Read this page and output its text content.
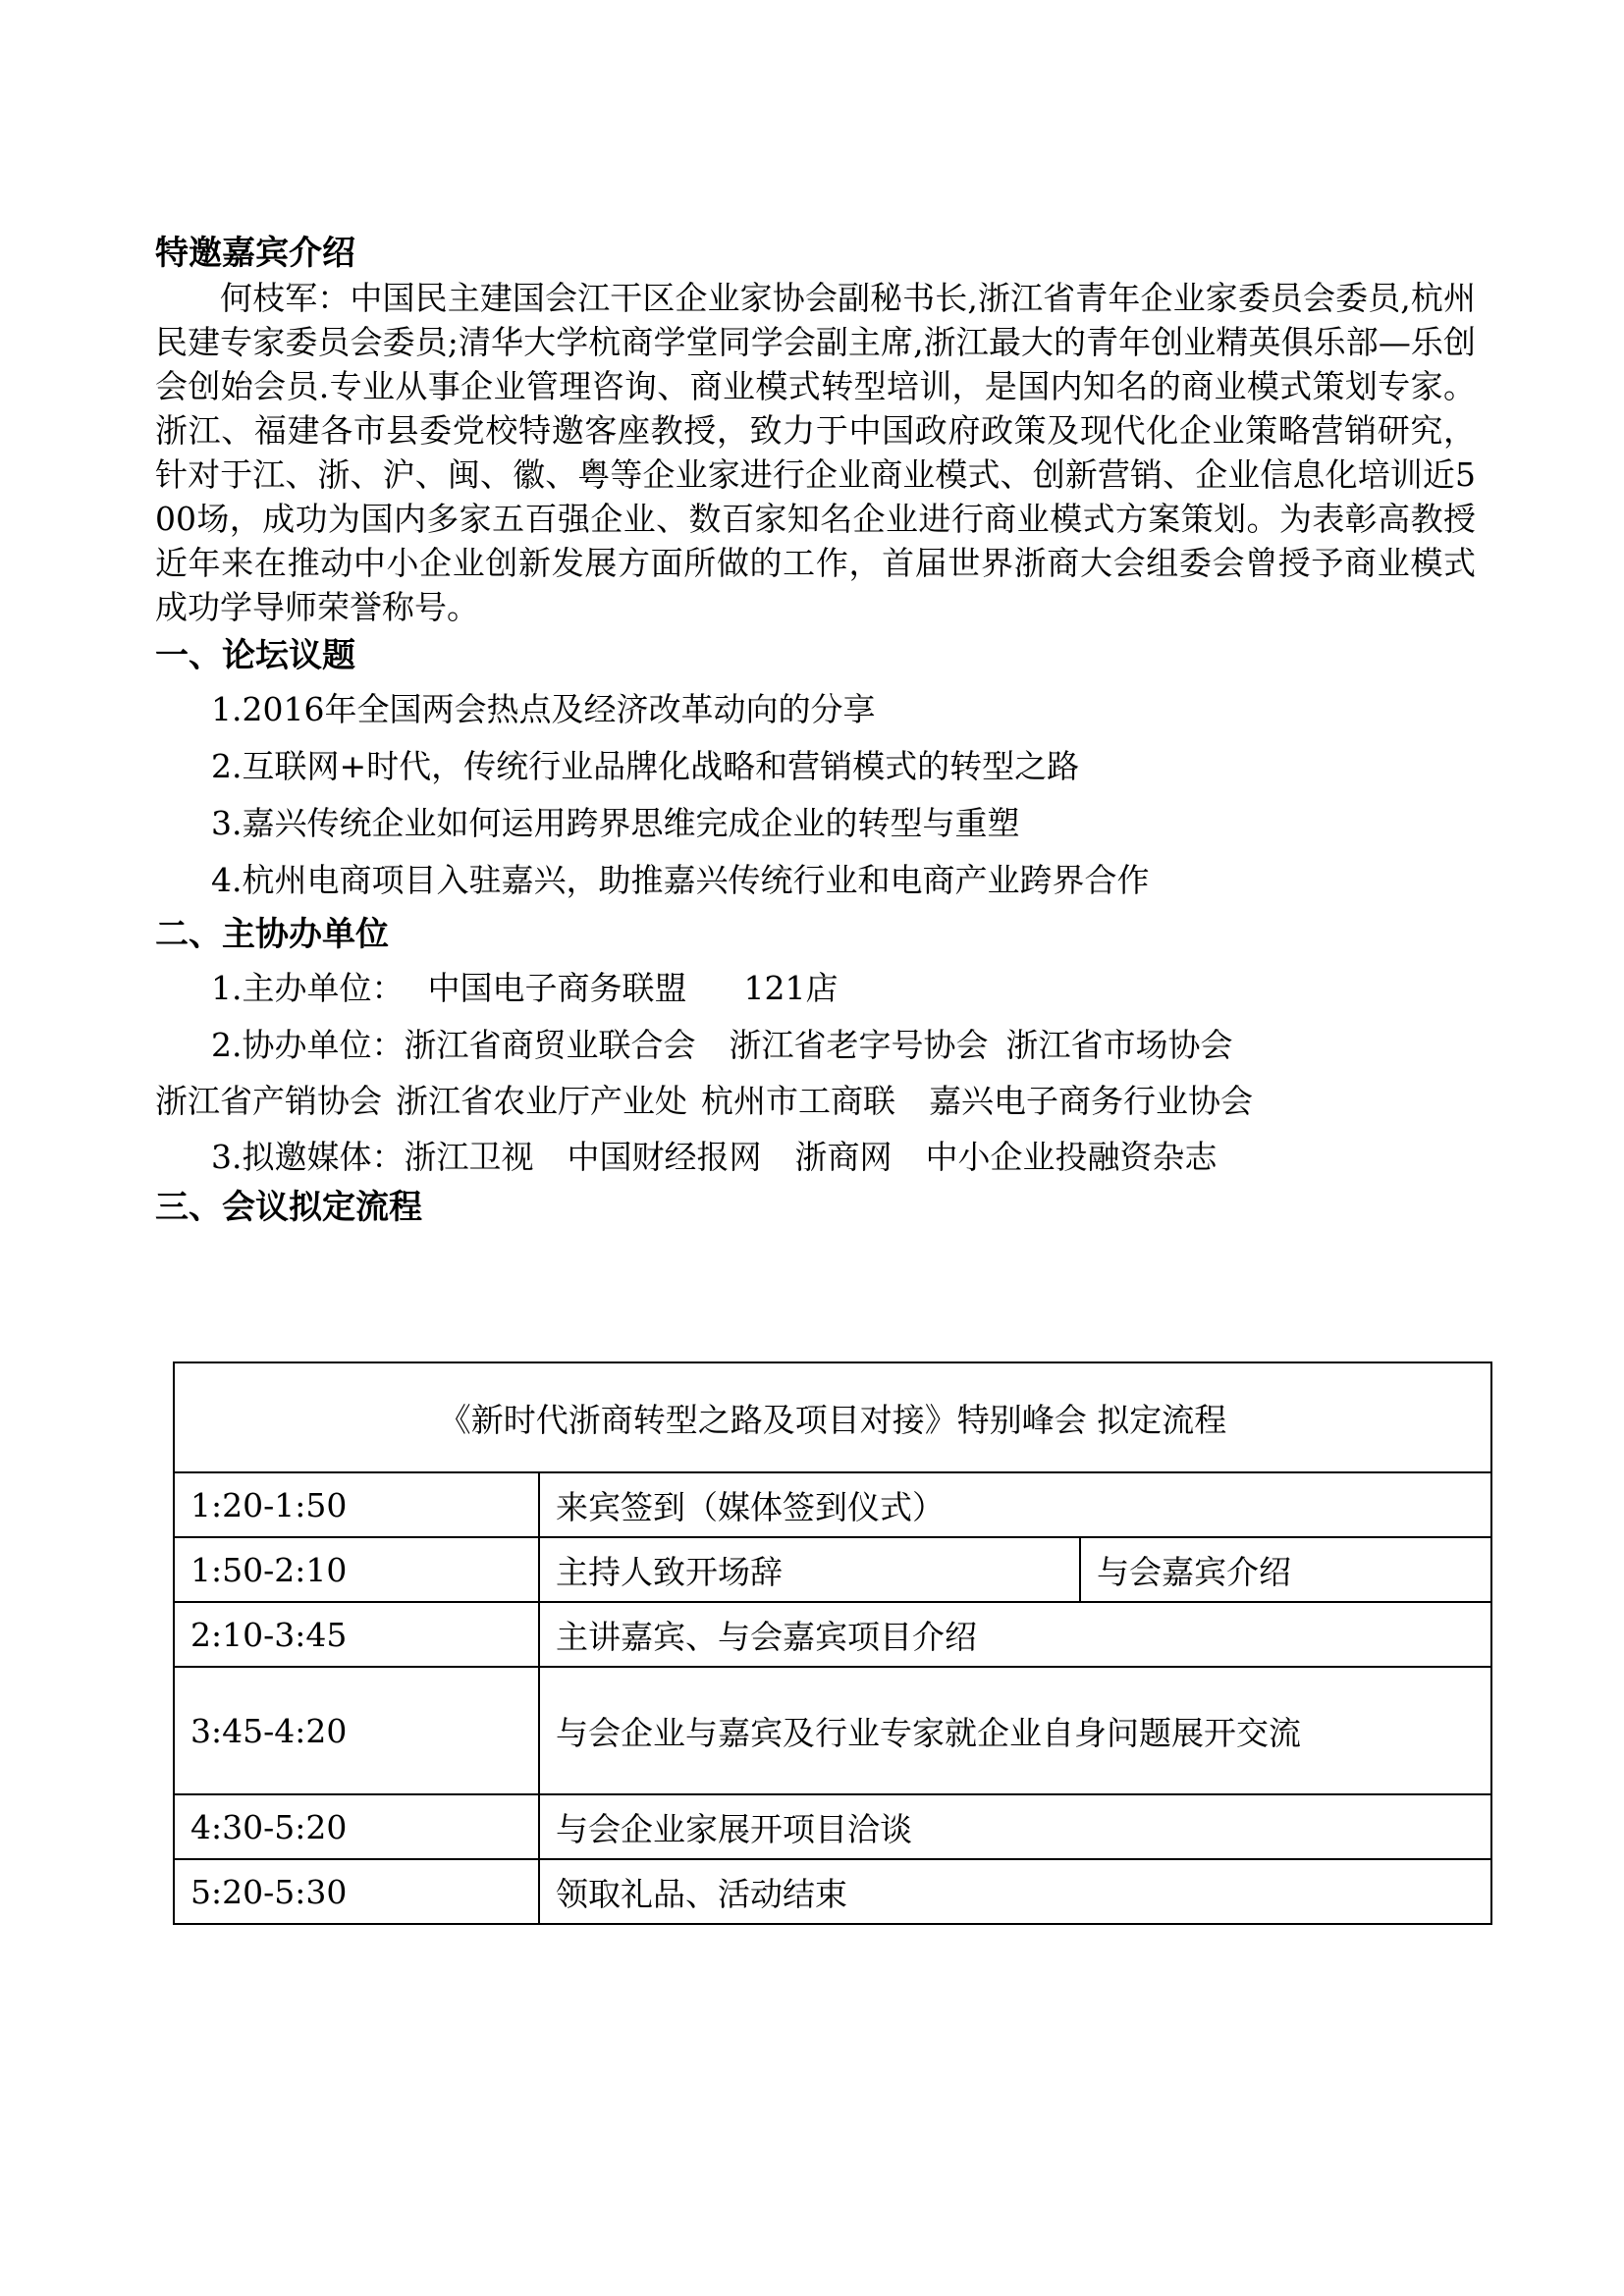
特邀嘉宾介绍

何枝军：中国民主建国会江干区企业家协会副秘书长,浙江省青年企业家委员会委员,杭州民建专家委员会委员;清华大学杭商学堂同学会副主席,浙江最大的青年创业精英俱乐部—乐创会创始会员.专业从事企业管理咨询、商业模式转型培训，是国内知名的商业模式策划专家。浙江、福建各市县委党校特邀客座教授，致力于中国政府政策及现代化企业策略营销研究，针对于江、浙、沪、闽、徽、粤等企业家进行企业商业模式、创新营销、企业信息化培训近500场，成功为国内多家五百强企业、数百家知名企业进行商业模式方案策划。为表彰高教授近年来在推动中小企业创新发展方面所做的工作，首届世界浙商大会组委会曾授予商业模式成功学导师荣誉称号。

一、论坛议题
1.2016年全国两会热点及经济改革动向的分享
2.互联网+时代，传统行业品牌化战略和营销模式的转型之路
3.嘉兴传统企业如何运用跨界思维完成企业的转型与重塑
4.杭州电商项目入驻嘉兴，助推嘉兴传统行业和电商产业跨界合作
二、主协办单位
1.主办单位： 中国电子商务联盟 121店
2.协办单位： 浙江省商贸业联合会 浙江省老字号协会 浙江省市场协会
浙江省产销协会 浙江省农业厅产业处 杭州市工商联 嘉兴电子商务行业协会
3.拟邀媒体： 浙江卫视 中国财经报网 浙商网 中小企业投融资杂志
三、会议拟定流程
《新时代浙商转型之路及项目对接》特别峰会 拟定流程		
1:20-1:50	来宾签到（媒体签到仪式）	
1:50-2:10	主持人致开场辞	与会嘉宾介绍
2:10-3:45	主讲嘉宾、与会嘉宾项目介绍	
3:45-4:20	与会企业与嘉宾及行业专家就企业自身问题展开交流	
4:30-5:20	与会企业家展开项目洽谈	
5:20-5:30	领取礼品、活动结束	
